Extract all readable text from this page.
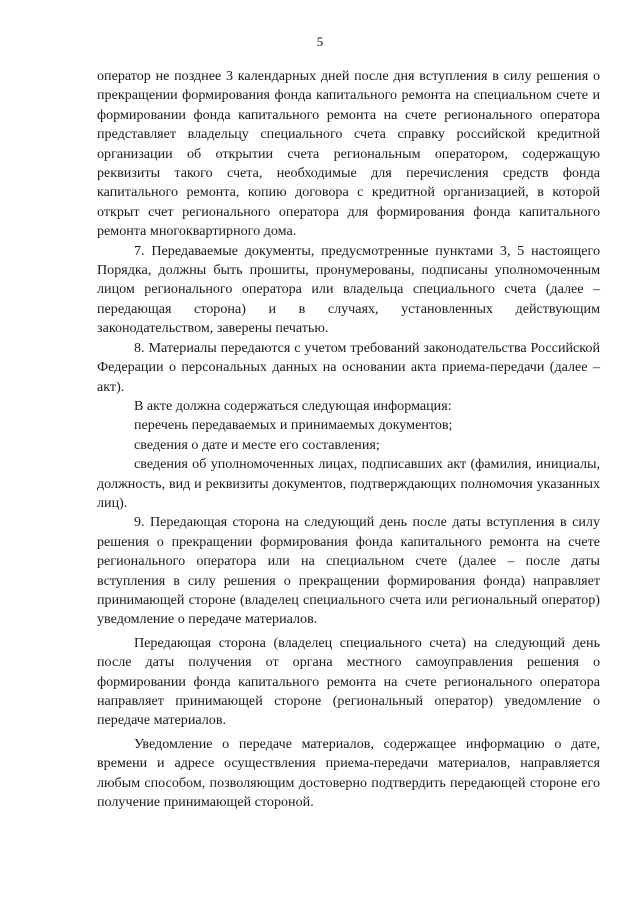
5

оператор не позднее 3 календарных дней после дня вступления в силу решения о прекращении формирования фонда капитального ремонта на специальном счете и формировании фонда капитального ремонта на счете регионального оператора представляет владельцу специального счета справку российской кредитной организации об открытии счета региональным оператором, содержащую реквизиты такого счета, необходимые для перечисления средств фонда капитального ремонта, копию договора с кредитной организацией, в которой открыт счет регионального оператора для формирования фонда капитального ремонта многоквартирного дома.

7. Передаваемые документы, предусмотренные пунктами 3, 5 настоящего Порядка, должны быть прошиты, пронумерованы, подписаны уполномоченным лицом регионального оператора или владельца специального счета (далее – передающая сторона) и в случаях, установленных действующим законодательством, заверены печатью.

8. Материалы передаются с учетом требований законодательства Российской Федерации о персональных данных на основании акта приема-передачи (далее – акт).

В акте должна содержаться следующая информация:

перечень передаваемых и принимаемых документов;

сведения о дате и месте его составления;

сведения об уполномоченных лицах, подписавших акт (фамилия, инициалы, должность, вид и реквизиты документов, подтверждающих полномочия указанных лиц).

9. Передающая сторона на следующий день после даты вступления в силу решения о прекращении формирования фонда капитального ремонта на счете регионального оператора или на специальном счете (далее – после даты вступления в силу решения о прекращении формирования фонда) направляет принимающей стороне (владелец специального счета или региональный оператор) уведомление о передаче материалов.

Передающая сторона (владелец специального счета) на следующий день после даты получения от органа местного самоуправления решения о формировании фонда капитального ремонта на счете регионального оператора направляет принимающей стороне (региональный оператор) уведомление о передаче материалов.

Уведомление о передаче материалов, содержащее информацию о дате, времени и адресе осуществления приема-передачи материалов, направляется любым способом, позволяющим достоверно подтвердить передающей стороне его получение принимающей стороной.
